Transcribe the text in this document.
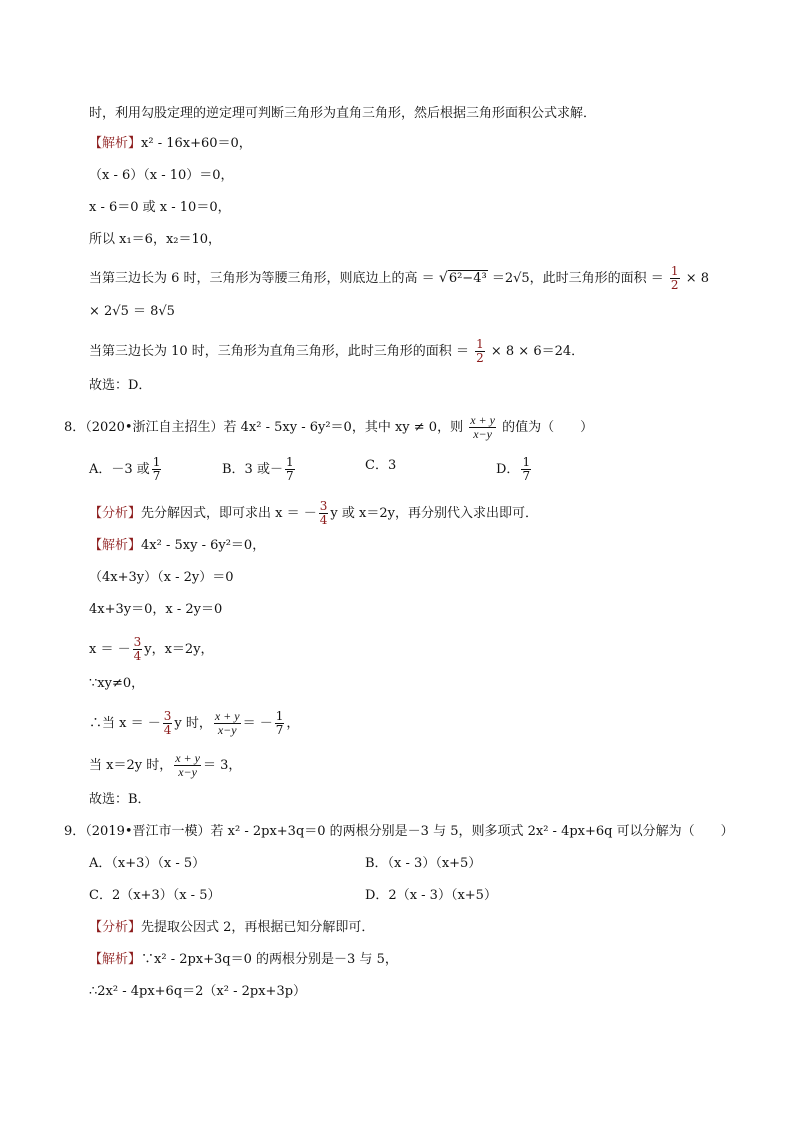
时，利用勾股定理的逆定理可判断三角形为直角三角形，然后根据三角形面积公式求解．
【解析】x² - 16x+60＝0，
（x - 6）（x - 10）＝0，
x - 6＝0 或 x - 10＝0，
所以 x₁＝6，x₂＝10，
当第三边长为 6 时，三角形为等腰三角形，则底边上的高 ＝ √ 6²−4³ ＝2√5，此时三角形的面积 ＝ $\frac{1}{2} \times 8$
× 2√5 ＝ 8√5
当第三边长为 10 时，三角形为直角三角形，此时三角形的面积 ＝ $\frac{1}{2} \times 8 \times 6=24$．
故选：D．
8．（2020•浙江自主招生）若 4x² - 5xy - 6y²＝0，其中 xy ≠ 0，则 $\frac{x + y}{x-y}$ 的值为（　　）
A．－3 或 $\frac{1}{7}$	B．3 或－ $\frac{1}{7}$	C．3	D． $\frac{1}{7}$
【分析】先分解因式，即可求出 x ＝ － $\frac{3}{4}$ y 或 x＝2y，再分别代入求出即可．
【解析】4x² - 5xy - 6y²＝0，
（4x+3y）（x - 2y）＝0
4x+3y＝0，x - 2y＝0
x ＝ － $\frac{3}{4}$ y，x＝2y，
∵xy≠0，
∴当 x ＝ － $\frac{3}{4}$ y 时， $\frac{x + y}{x-y}$ ＝ － $\frac{1}{7}$ ，
当 x＝2y 时， $\frac{x + y}{x-y} = 3$，
故选：B．
9．（2019•晋江市一模）若 x² - 2px+3q＝0 的两根分别是－3 与 5，则多项式 2x² - 4px+6q 可以分解为（　　）
A．（x+3）（x - 5）	B．（x - 3）（x+5）
C．2（x+3）（x - 5）	D．2（x - 3）（x+5）
【分析】先提取公因式 2，再根据已知分解即可．
【解析】∵x² - 2px+3q＝0 的两根分别是－3 与 5，
∴2x² - 4px+6q＝2（x² - 2px+3p）
